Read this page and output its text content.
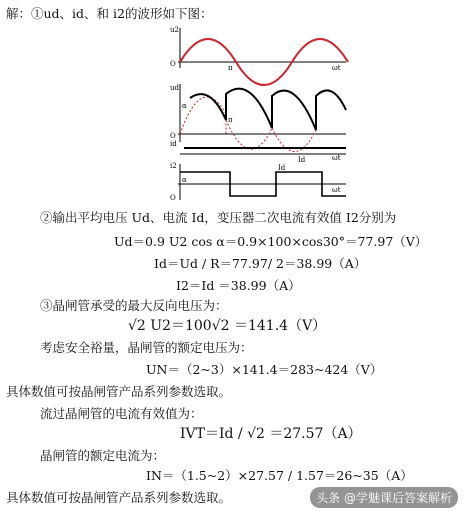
解：①ud、id、和 i2的波形如下图：
u2
O	π	ωt
ud
α
π
O
id
Id	ωt
i2
α
Id
O
ωt
②输出平均电压 Ud、电流 Id，变压器二次电流有效值 I2分别为
Ud＝0.9 U2 cos α＝0.9×100×cos30°＝77.97（V）
Id＝Ud / R＝77.97/ 2＝38.99（A）
I2＝Id ＝38.99（A）
③晶闸管承受的最大反向电压为：
√2 U2＝100√2 ＝141.4（V）
考虑安全裕量，晶闸管的额定电压为：
UN＝（2~3）×141.4＝283~424（V）
具体数值可按晶闸管产品系列参数选取。
流过晶闸管的电流有效值为：
IVT＝Id / √2 ＝27.57（A）
晶闸管的额定电流为：
IN＝（1.5~2）×27.57 / 1.57＝26~35（A）
具体数值可按晶闸管产品系列参数选取。	头条 @学魅课后答案解析
